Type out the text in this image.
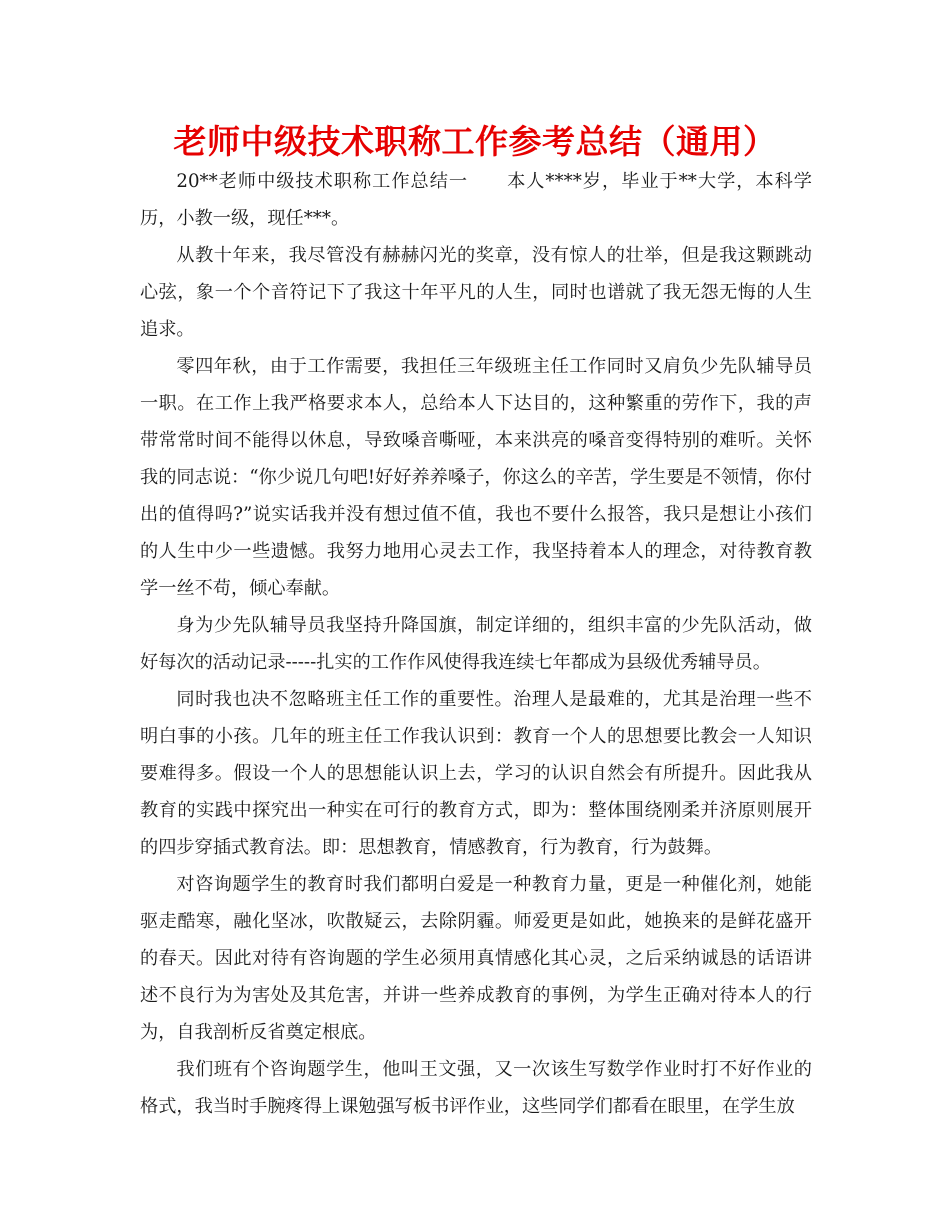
老师中级技术职称工作参考总结（通用）

20**老师中级技术职称工作总结一 本人****岁，毕业于**大学，本科学历，小教一级，现任***。

从教十年来，我尽管没有赫赫闪光的奖章，没有惊人的壮举，但是我这颗跳动心弦，象一个个音符记下了我这十年平凡的人生，同时也谱就了我无怨无悔的人生追求。

零四年秋，由于工作需要，我担任三年级班主任工作同时又肩负少先队辅导员一职。在工作上我严格要求本人，总给本人下达目的，这种繁重的劳作下，我的声带常常时间不能得以休息，导致嗓音嘶哑，本来洪亮的嗓音变得特别的难听。关怀我的同志说：“你少说几句吧!好好养养嗓子，你这么的辛苦，学生要是不领情，你付出的值得吗?”说实话我并没有想过值不值，我也不要什么报答，我只是想让小孩们的人生中少一些遗憾。我努力地用心灵去工作，我坚持着本人的理念，对待教育教学一丝不苟，倾心奉献。

身为少先队辅导员我坚持升降国旗，制定详细的，组织丰富的少先队活动，做好每次的活动记录-----扎实的工作作风使得我连续七年都成为县级优秀辅导员。

同时我也决不忽略班主任工作的重要性。治理人是最难的，尤其是治理一些不明白事的小孩。几年的班主任工作我认识到：教育一个人的思想要比教会一人知识要难得多。假设一个人的思想能认识上去，学习的认识自然会有所提升。因此我从教育的实践中探究出一种实在可行的教育方式，即为：整体围绕刚柔并济原则展开的四步穿插式教育法。即：思想教育，情感教育，行为教育，行为鼓舞。

对咨询题学生的教育时我们都明白爱是一种教育力量，更是一种催化剂，她能驱走酷寒，融化坚冰，吹散疑云，去除阴霾。师爱更是如此，她换来的是鲜花盛开的春天。因此对待有咨询题的学生必须用真情感化其心灵，之后采纳诚恳的话语讲述不良行为为害处及其危害，并讲一些养成教育的事例，为学生正确对待本人的行为，自我剖析反省奠定根底。

我们班有个咨询题学生，他叫王文强，又一次该生写数学作业时打不好作业的格式，我当时手腕疼得上课勉强写板书评作业，这些同学们都看在眼里，在学生放
